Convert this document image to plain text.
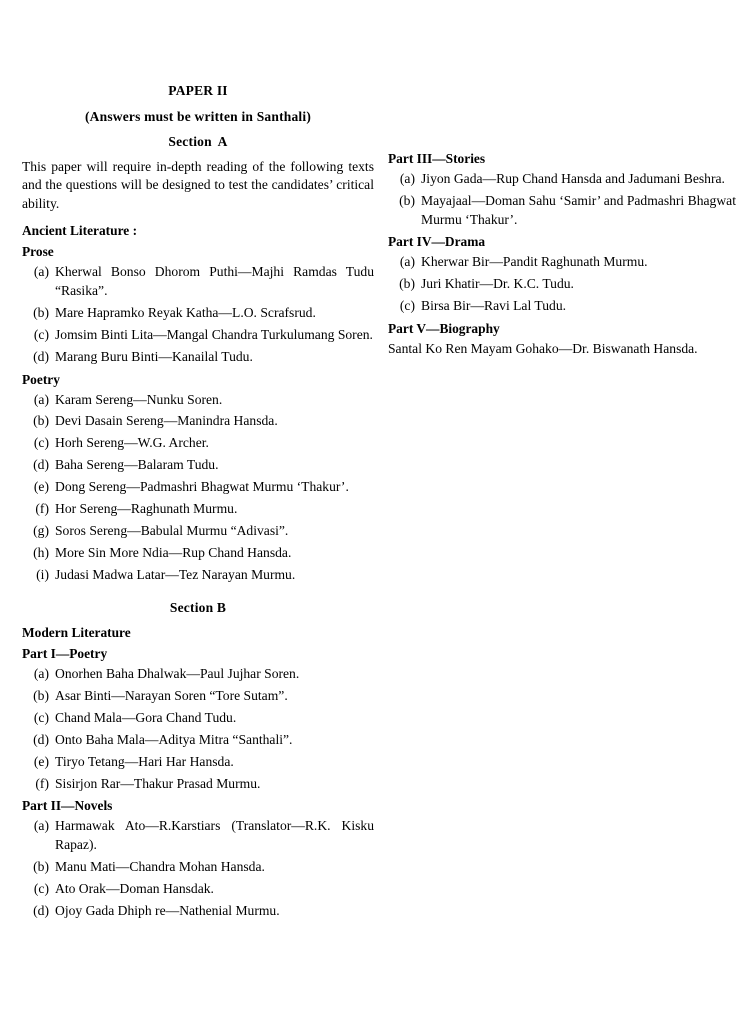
PAPER II
(Answers must be written in Santhali)
Section A

This paper will require in-depth reading of the following texts and the questions will be designed to test the candidates’ critical ability.

Ancient Literature :
Prose
(a) Kherwal Bonso Dhorom Puthi—Majhi Ramdas Tudu “Rasika”.
(b) Mare Hapramko Reyak Katha—L.O. Scrafsrud.
(c) Jomsim Binti Lita—Mangal Chandra Turkulumang Soren.
(d) Marang Buru Binti—Kanailal Tudu.
Poetry
(a) Karam Sereng—Nunku Soren.
(b) Devi Dasain Sereng—Manindra Hansda.
(c) Horh Sereng—W.G. Archer.
(d) Baha Sereng—Balaram Tudu.
(e) Dong Sereng—Padmashri Bhagwat Murmu ‘Thakur’.
(f) Hor Sereng—Raghunath Murmu.
(g) Soros Sereng—Babulal Murmu “Adivasi”.
(h) More Sin More Ndia—Rup Chand Hansda.
(i) Judasi Madwa Latar—Tez Narayan Murmu.
Section B
Modern Literature
Part I—Poetry
(a) Onorhen Baha Dhalwak—Paul Jujhar Soren.
(b) Asar Binti—Narayan Soren “Tore Sutam”.
(c) Chand Mala—Gora Chand Tudu.
(d) Onto Baha Mala—Aditya Mitra “Santhali”.
(e) Tiryo Tetang—Hari Har Hansda.
(f) Sisirjon Rar—Thakur Prasad Murmu.
Part II—Novels
(a) Harmawak Ato—R.Karstiars (Translator—R.K. Kisku Rapaz).
(b) Manu Mati—Chandra Mohan Hansda.
(c) Ato Orak—Doman Hansdak.
(d) Ojoy Gada Dhiph re—Nathenial Murmu.
Part III—Stories
(a) Jiyon Gada—Rup Chand Hansda and Jadumani Beshra.
(b) Mayajaal—Doman Sahu ‘Samir’ and Padmashri Bhagwat Murmu ‘Thakur’.
Part IV—Drama
(a) Kherwar Bir—Pandit Raghunath Murmu.
(b) Juri Khatir—Dr. K.C. Tudu.
(c) Birsa Bir—Ravi Lal Tudu.
Part V—Biography
Santal Ko Ren Mayam Gohako—Dr. Biswanath Hansda.
